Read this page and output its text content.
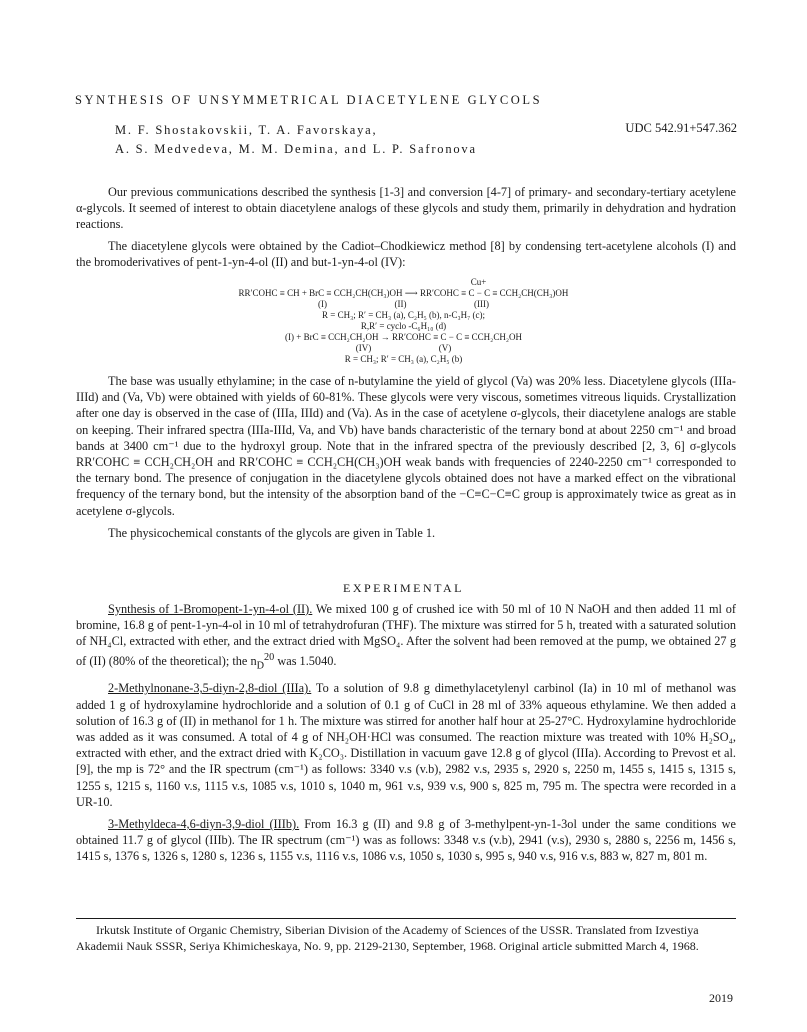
SYNTHESIS OF UNSYMMETRICAL DIACETYLENE GLYCOLS
M. F. Shostakovskii, T. A. Favorskaya,
A. S. Medvedeva, M. M. Demina, and L. P. Safronova
UDC 542.91+547.362

Our previous communications described the synthesis [1-3] and conversion [4-7] of primary- and secondary-tertiary acetylene α-glycols. It seemed of interest to obtain diacetylene analogs of these glycols and study them, primarily in dehydration and hydration reactions.

The diacetylene glycols were obtained by the Cadiot–Chodkiewicz method [8] by condensing tert-acetylene alcohols (I) and the bromoderivatives of pent-1-yn-4-ol (II) and but-1-yn-4-ol (IV):

Cu+
RR′COHC ≡ CH + BrC ≡ CCH₂CH(CH₃)OH ⟶ RR′COHC ≡ C − C ≡ CCH₂CH(CH₃)OH
(I)                              (II)                              (III)
R = CH₃; R′ = CH₃ (a), C₂H₅ (b), n-C₃H₇ (c);
R,R′ = cyclo -C₆H₁₀ (d)
(I) + BrC ≡ CCH₂CH₂OH → RR′COHC ≡ C − C ≡ CCH₂CH₂OH
(IV)                              (V)
R = CH₃; R′ = CH₃ (a), C₂H₅ (b)

The base was usually ethylamine; in the case of n-butylamine the yield of glycol (Va) was 20% less. Diacetylene glycols (IIIa-IIId) and (Va, Vb) were obtained with yields of 60-81%. These glycols were very viscous, sometimes vitreous liquids. Crystallization after one day is observed in the case of (IIIa, IIId) and (Va). As in the case of acetylene σ-glycols, their diacetylene analogs are stable on keeping. Their infrared spectra (IIIa-IIId, Va, and Vb) have bands characteristic of the ternary bond at about 2250 cm⁻¹ and broad bands at 3400 cm⁻¹ due to the hydroxyl group. Note that in the infrared spectra of the previously described [2, 3, 6] σ-glycols RR′COHC ≡ CCH₂CH₂OH and RR′COHC ≡ CCH₂CH(CH₃)OH weak bands with frequencies of 2240-2250 cm⁻¹ corresponded to the ternary bond. The presence of conjugation in the diacetylene glycols obtained does not have a marked effect on the vibrational frequency of the ternary bond, but the intensity of the absorption band of the −C≡C−C≡C group is approximately twice as great as in acetylene σ-glycols.

The physicochemical constants of the glycols are given in Table 1.

EXPERIMENTAL

Synthesis of 1-Bromopent-1-yn-4-ol (II). We mixed 100 g of crushed ice with 50 ml of 10 N NaOH and then added 11 ml of bromine, 16.8 g of pent-1-yn-4-ol in 10 ml of tetrahydrofuran (THF). The mixture was stirred for 5 h, treated with a saturated solution of NH₄Cl, extracted with ether, and the extract dried with MgSO₄. After the solvent had been removed at the pump, we obtained 27 g of (II) (80% of the theoretical); the $n_D^{20}$ was 1.5040.

2-Methylnonane-3,5-diyn-2,8-diol (IIIa). To a solution of 9.8 g dimethylacetylenyl carbinol (Ia) in 10 ml of methanol was added 1 g of hydroxylamine hydrochloride and a solution of 0.1 g of CuCl in 28 ml of 33% aqueous ethylamine. We then added a solution of 16.3 g of (II) in methanol for 1 h. The mixture was stirred for another half hour at 25-27°C. Hydroxylamine hydrochloride was added as it was consumed. A total of 4 g of NH₂OH·HCl was consumed. The reaction mixture was treated with 10% H₂SO₄, extracted with ether, and the extract dried with K₂CO₃. Distillation in vacuum gave 12.8 g of glycol (IIIa). According to Prevost et al. [9], the mp is 72° and the IR spectrum (cm⁻¹) as follows: 3340 v.s (v.b), 2982 v.s, 2935 s, 2920 s, 2250 m, 1455 s, 1415 s, 1315 s, 1255 s, 1215 s, 1160 v.s, 1115 v.s, 1085 v.s, 1010 s, 1040 m, 961 v.s, 939 v.s, 900 s, 825 m, 795 m. The spectra were recorded in a UR-10.

3-Methyldeca-4,6-diyn-3,9-diol (IIIb). From 16.3 g (II) and 9.8 g of 3-methylpent-yn-1-3ol under the same conditions we obtained 11.7 g of glycol (IIIb). The IR spectrum (cm⁻¹) was as follows: 3348 v.s (v.b), 2941 (v.s), 2930 s, 2880 s, 2256 m, 1456 s, 1415 s, 1376 s, 1326 s, 1280 s, 1236 s, 1155 v.s, 1116 v.s, 1086 v.s, 1050 s, 1030 s, 995 s, 940 v.s, 916 v.s, 883 w, 827 m, 801 m.

Irkutsk Institute of Organic Chemistry, Siberian Division of the Academy of Sciences of the USSR. Translated from Izvestiya Akademii Nauk SSSR, Seriya Khimicheskaya, No. 9, pp. 2129-2130, September, 1968. Original article submitted March 4, 1968.

2019
